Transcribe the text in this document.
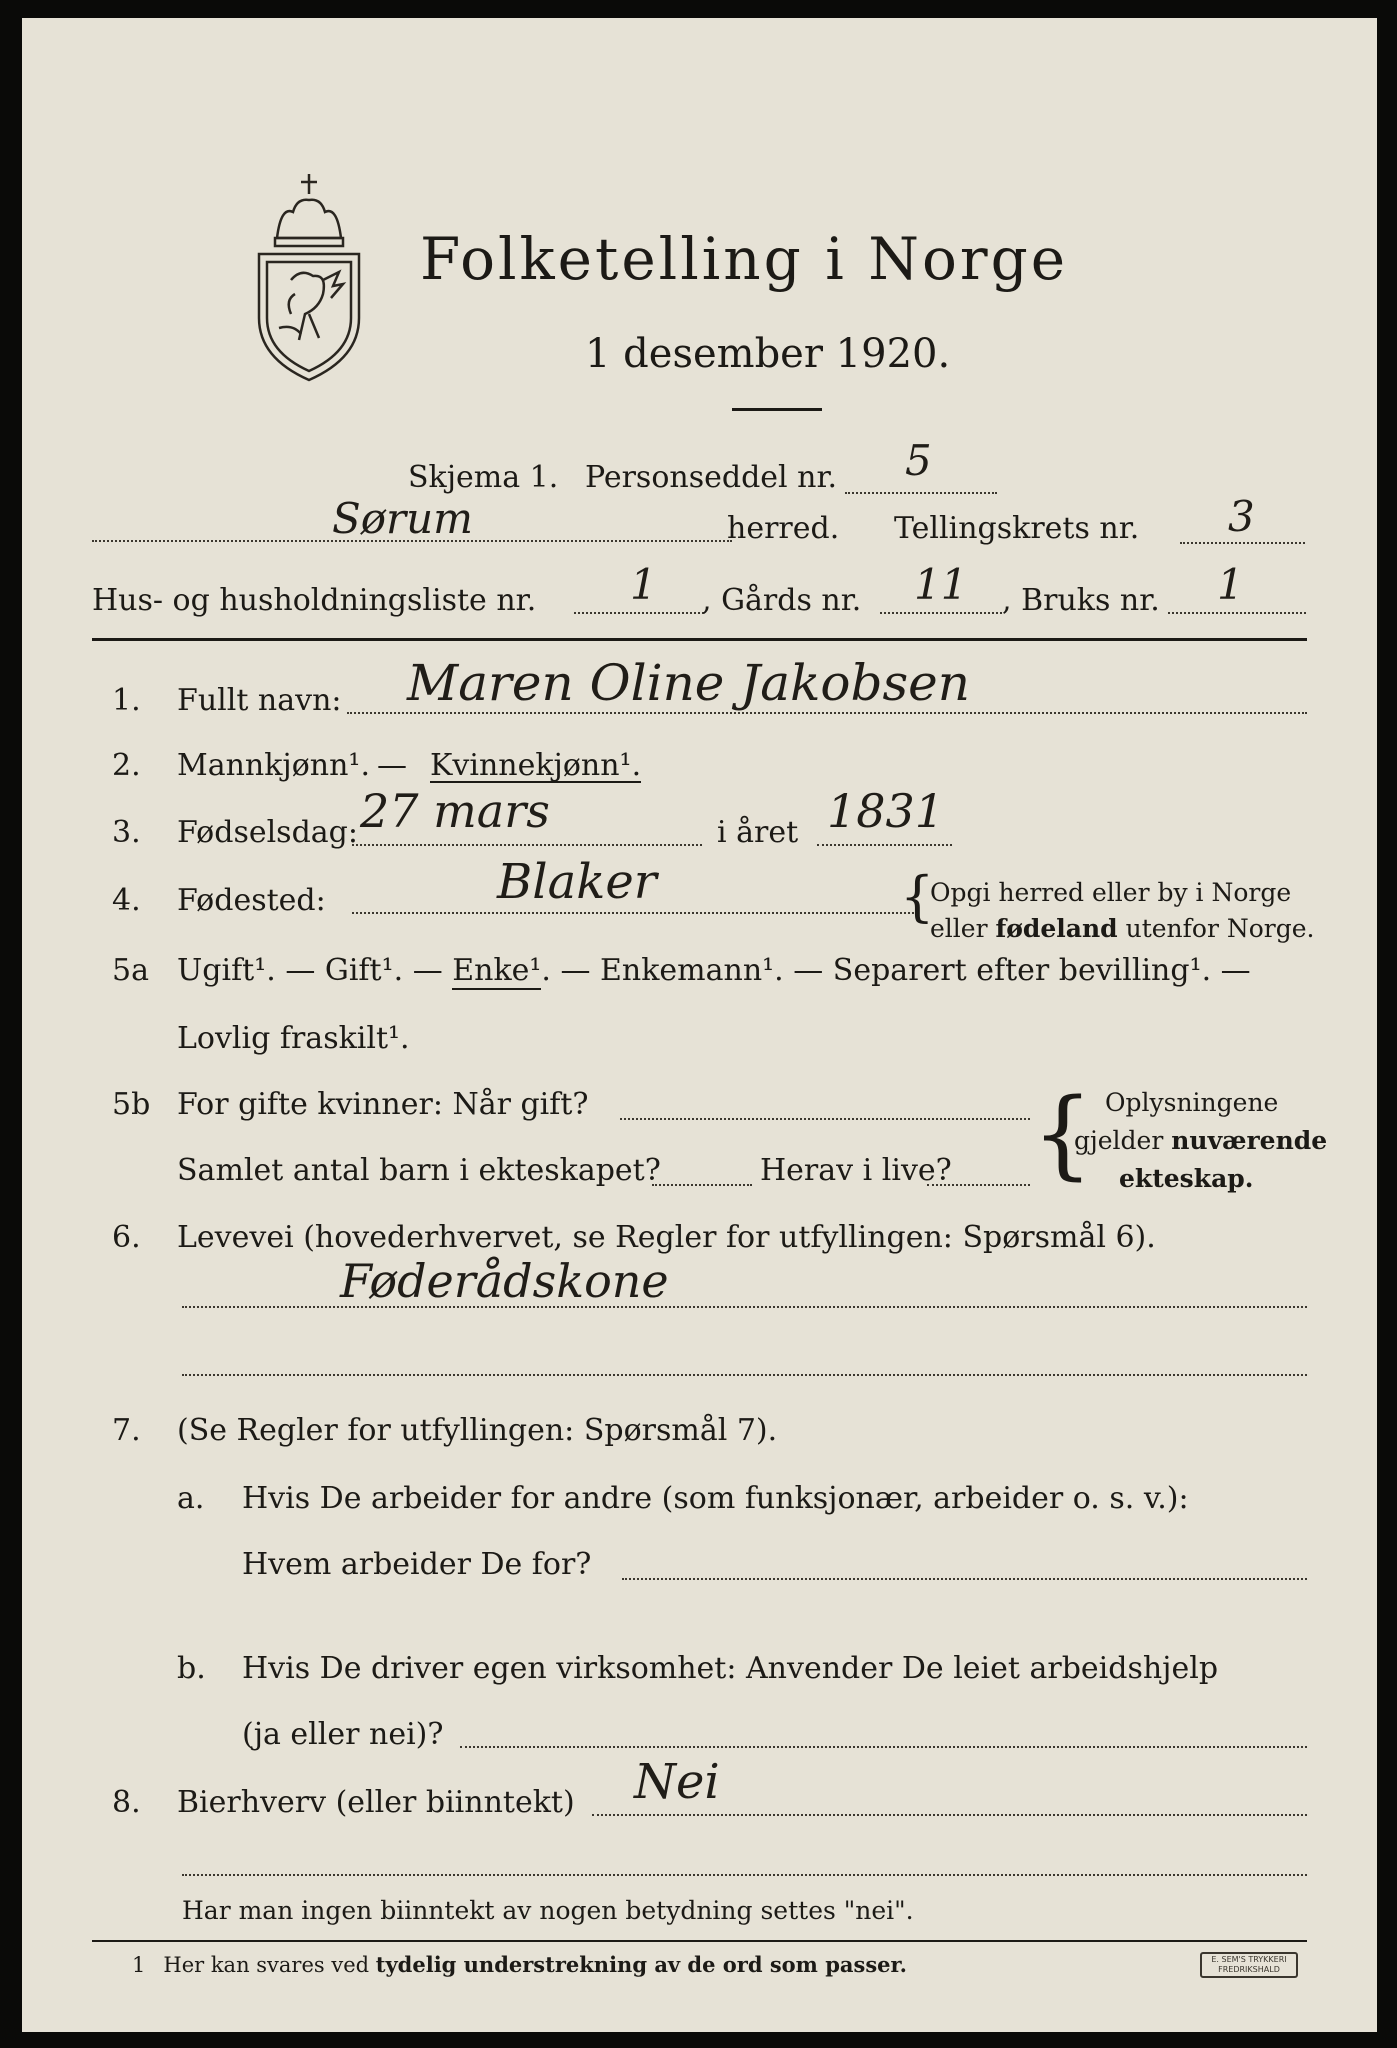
Folketelling i Norge
1 desember 1920.
Skjema 1. Personseddel nr. 5
Sørum	herred. Tellingskrets nr. 3
Hus- og husholdningsliste nr. 1 , Gårds nr. 11 , Bruks nr. 1
1. Fullt navn: Maren Oline Jakobsen
2. Mannkjønn¹. — Kvinnekjønn¹.
3. Fødselsdag: 27 mars	i året 1831
4. Fødested:	Blaker	{
Opgi herred eller by i Norge
eller fødeland utenfor Norge.
5a Ugift¹. — Gift¹. — Enke¹. — Enkemann¹. — Separert efter bevilling¹. —
Lovlig fraskilt¹.
5b For gifte kvinner: Når gift?
Samlet antal barn i ekteskapet?	Herav i live? { Oplysningene
gjelder nuværende
ekteskap.
6. Levevei (hovederhvervet, se Regler for utfyllingen: Spørsmål 6).
Føderådskone
7. (Se Regler for utfyllingen: Spørsmål 7).
a. Hvis De arbeider for andre (som funksjonær, arbeider o. s. v.):
Hvem arbeider De for?
b. Hvis De driver egen virksomhet: Anvender De leiet arbeidshjelp
(ja eller nei)?
8. Bierhverv (eller biinntekt) Nei
Har man ingen biinntekt av nogen betydning settes "nei".
1 Her kan svares ved tydelig understrekning av de ord som passer.	E. SEM'S TRYKKERI
FREDRIKSHALD
